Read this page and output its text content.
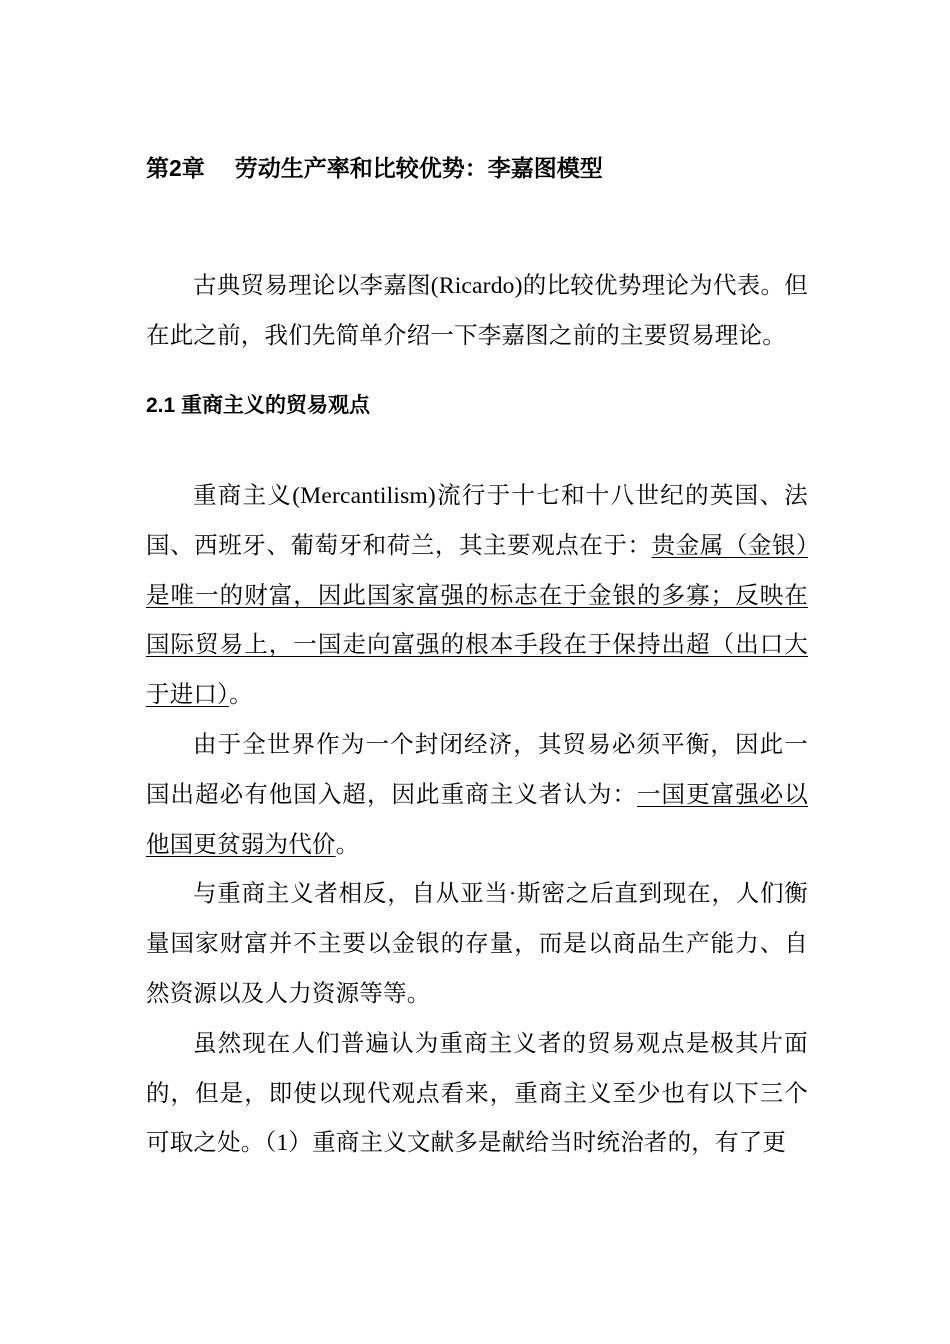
第2章 劳动生产率和比较优势：李嘉图模型

古典贸易理论以李嘉图(Ricardo)的比较优势理论为代表。但在此之前，我们先简单介绍一下李嘉图之前的主要贸易理论。

2.1 重商主义的贸易观点

重商主义(Mercantilism)流行于十七和十八世纪的英国、法国、西班牙、葡萄牙和荷兰，其主要观点在于：贵金属（金银）是唯一的财富，因此国家富强的标志在于金银的多寡；反映在国际贸易上，一国走向富强的根本手段在于保持出超（出口大于进口）。

由于全世界作为一个封闭经济，其贸易必须平衡，因此一国出超必有他国入超，因此重商主义者认为：一国更富强必以他国更贫弱为代价。

与重商主义者相反，自从亚当·斯密之后直到现在，人们衡量国家财富并不主要以金银的存量，而是以商品生产能力、自然资源以及人力资源等等。

虽然现在人们普遍认为重商主义者的贸易观点是极其片面的，但是，即使以现代观点看来，重商主义至少也有以下三个可取之处。（1）重商主义文献多是献给当时统治者的，有了更
